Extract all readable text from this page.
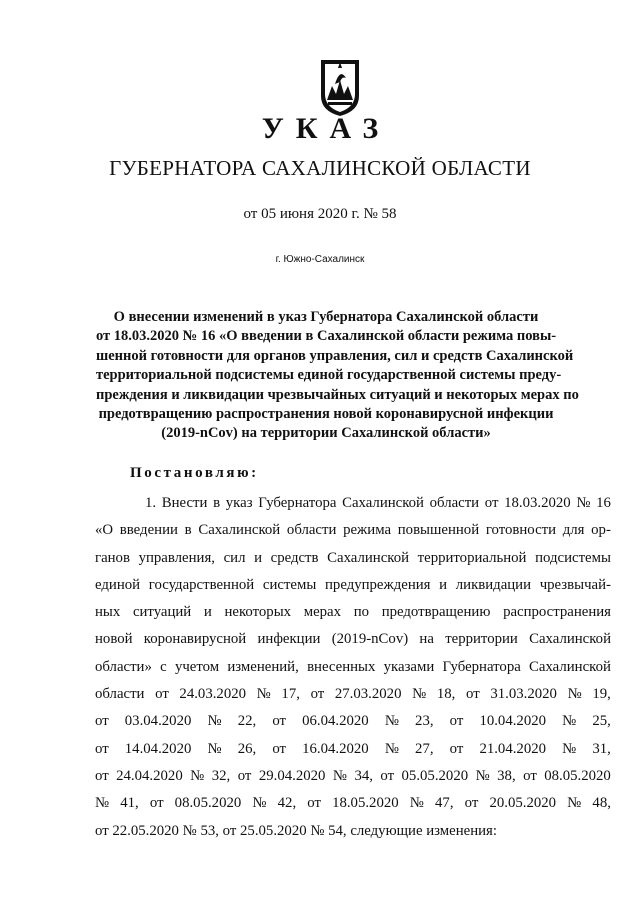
УКАЗ
ГУБЕРНАТОРА САХАЛИНСКОЙ ОБЛАСТИ
от 05 июня 2020 г. № 58
г. Южно-Сахалинск
О внесении изменений в указ Губернатора Сахалинской области
от 18.03.2020 № 16 «О введении в Сахалинской области режима повы-
шенной готовности для органов управления, сил и средств Сахалинской
территориальной подсистемы единой государственной системы преду-
преждения и ликвидации чрезвычайных ситуаций и некоторых мерах по
предотвращению распространения новой коронавирусной инфекции
(2019-nCov) на территории Сахалинской области»
Постановляю:
1. Внести в указ Губернатора Сахалинской области от 18.03.2020 № 16
«О введении в Сахалинской области режима повышенной готовности для ор-
ганов управления, сил и средств Сахалинской территориальной подсистемы
единой государственной системы предупреждения и ликвидации чрезвычай-
ных ситуаций и некоторых мерах по предотвращению распространения
новой коронавирусной инфекции (2019-nCov) на территории Сахалинской
области» с учетом изменений, внесенных указами Губернатора Сахалинской
области от 24.03.2020 № 17, от 27.03.2020 № 18, от 31.03.2020 № 19,
от 03.04.2020 № 22, от 06.04.2020 № 23, от 10.04.2020 № 25,
от 14.04.2020 № 26, от 16.04.2020 № 27, от 21.04.2020 № 31,
от 24.04.2020 № 32, от 29.04.2020 № 34, от 05.05.2020 № 38, от 08.05.2020
№ 41, от 08.05.2020 № 42, от 18.05.2020 № 47, от 20.05.2020 № 48,
от 22.05.2020 № 53, от 25.05.2020 № 54, следующие изменения:
